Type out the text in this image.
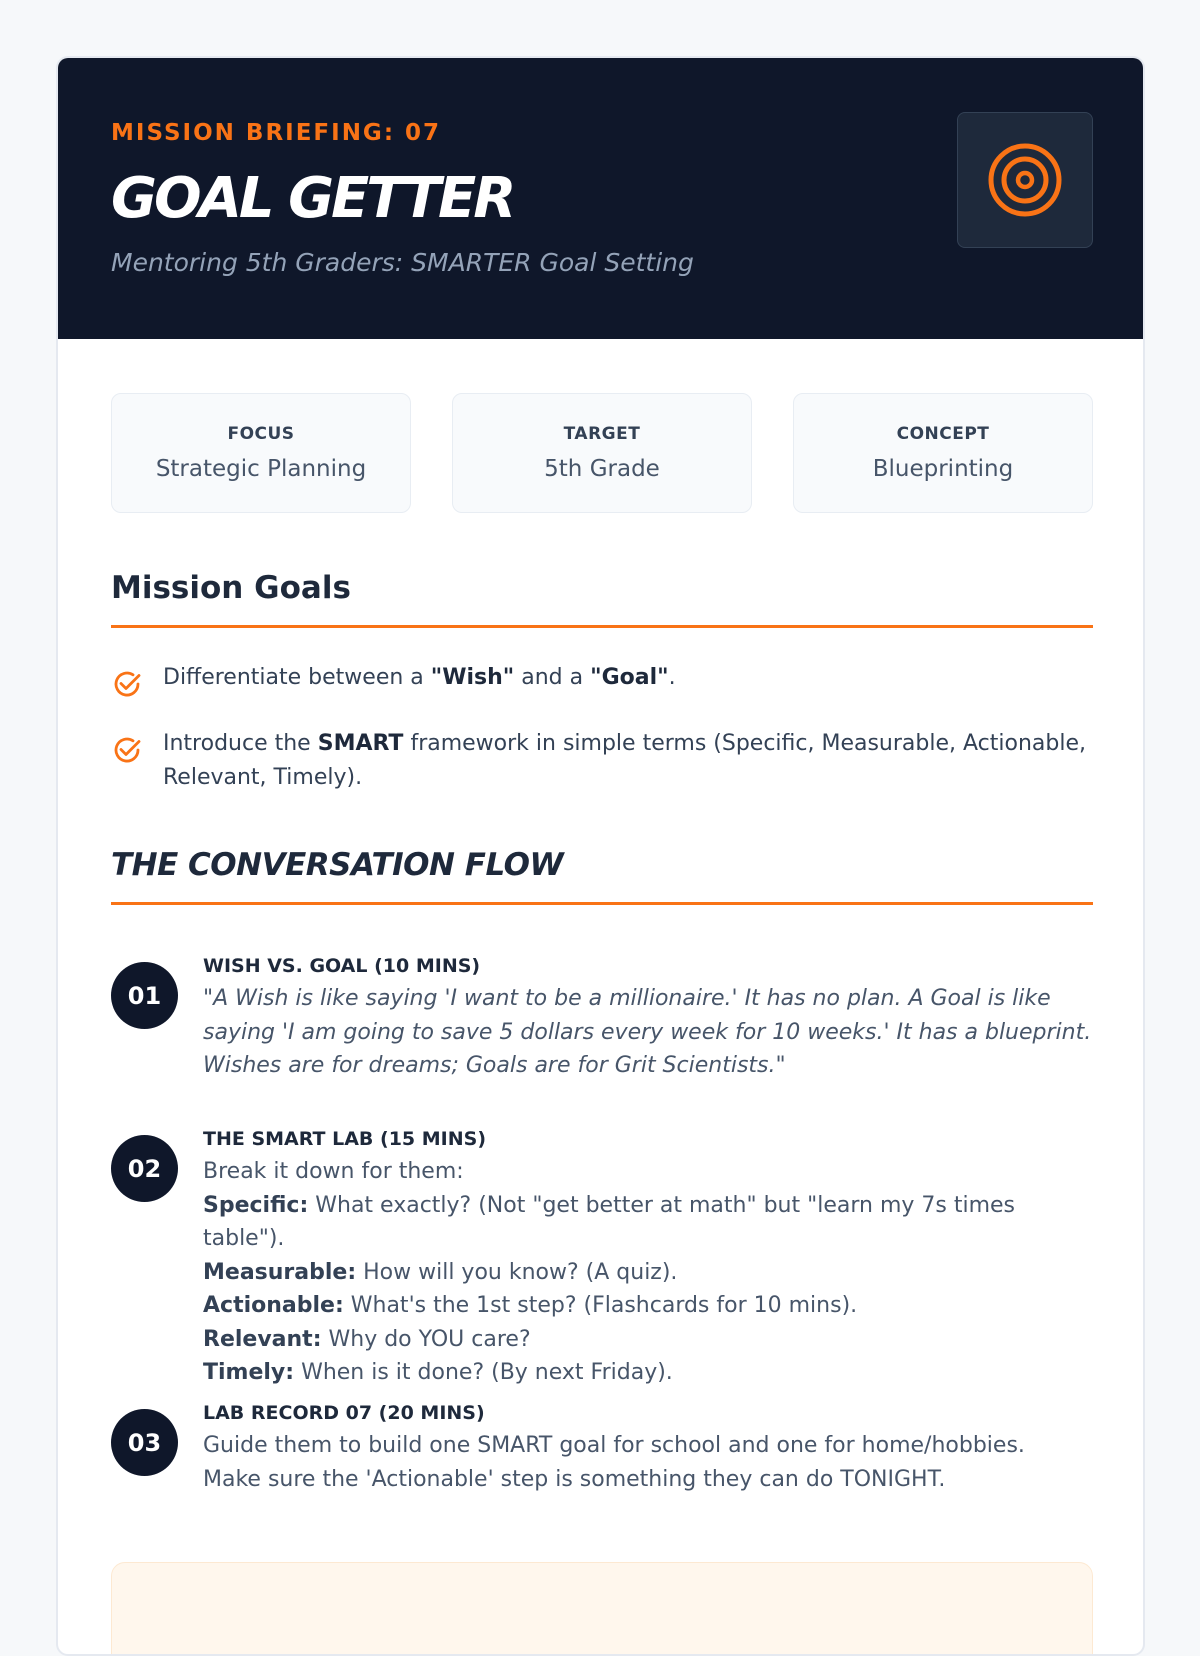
MISSION BRIEFING: 07
GOAL GETTER
Mentoring 5th Graders: SMARTER Goal Setting
FOCUS
Strategic Planning
TARGET
5th Grade
CONCEPT
Blueprinting
Mission Goals
Differentiate between a "Wish" and a "Goal".
Introduce the SMART framework in simple terms (Specific, Measurable, Actionable, Relevant, Timely).
THE CONVERSATION FLOW
01
WISH VS. GOAL (10 MINS)
"A Wish is like saying 'I want to be a millionaire.' It has no plan. A Goal is like saying 'I am going to save 5 dollars every week for 10 weeks.' It has a blueprint. Wishes are for dreams; Goals are for Grit Scientists."
02
THE SMART LAB (15 MINS)
Break it down for them:
Specific: What exactly? (Not "get better at math" but "learn my 7s times table").
Measurable: How will you know? (A quiz).
Actionable: What's the 1st step? (Flashcards for 10 mins).
Relevant: Why do YOU care?
Timely: When is it done? (By next Friday).
03
LAB RECORD 07 (20 MINS)
Guide them to build one SMART goal for school and one for home/hobbies.
Make sure the 'Actionable' step is something they can do TONIGHT.
